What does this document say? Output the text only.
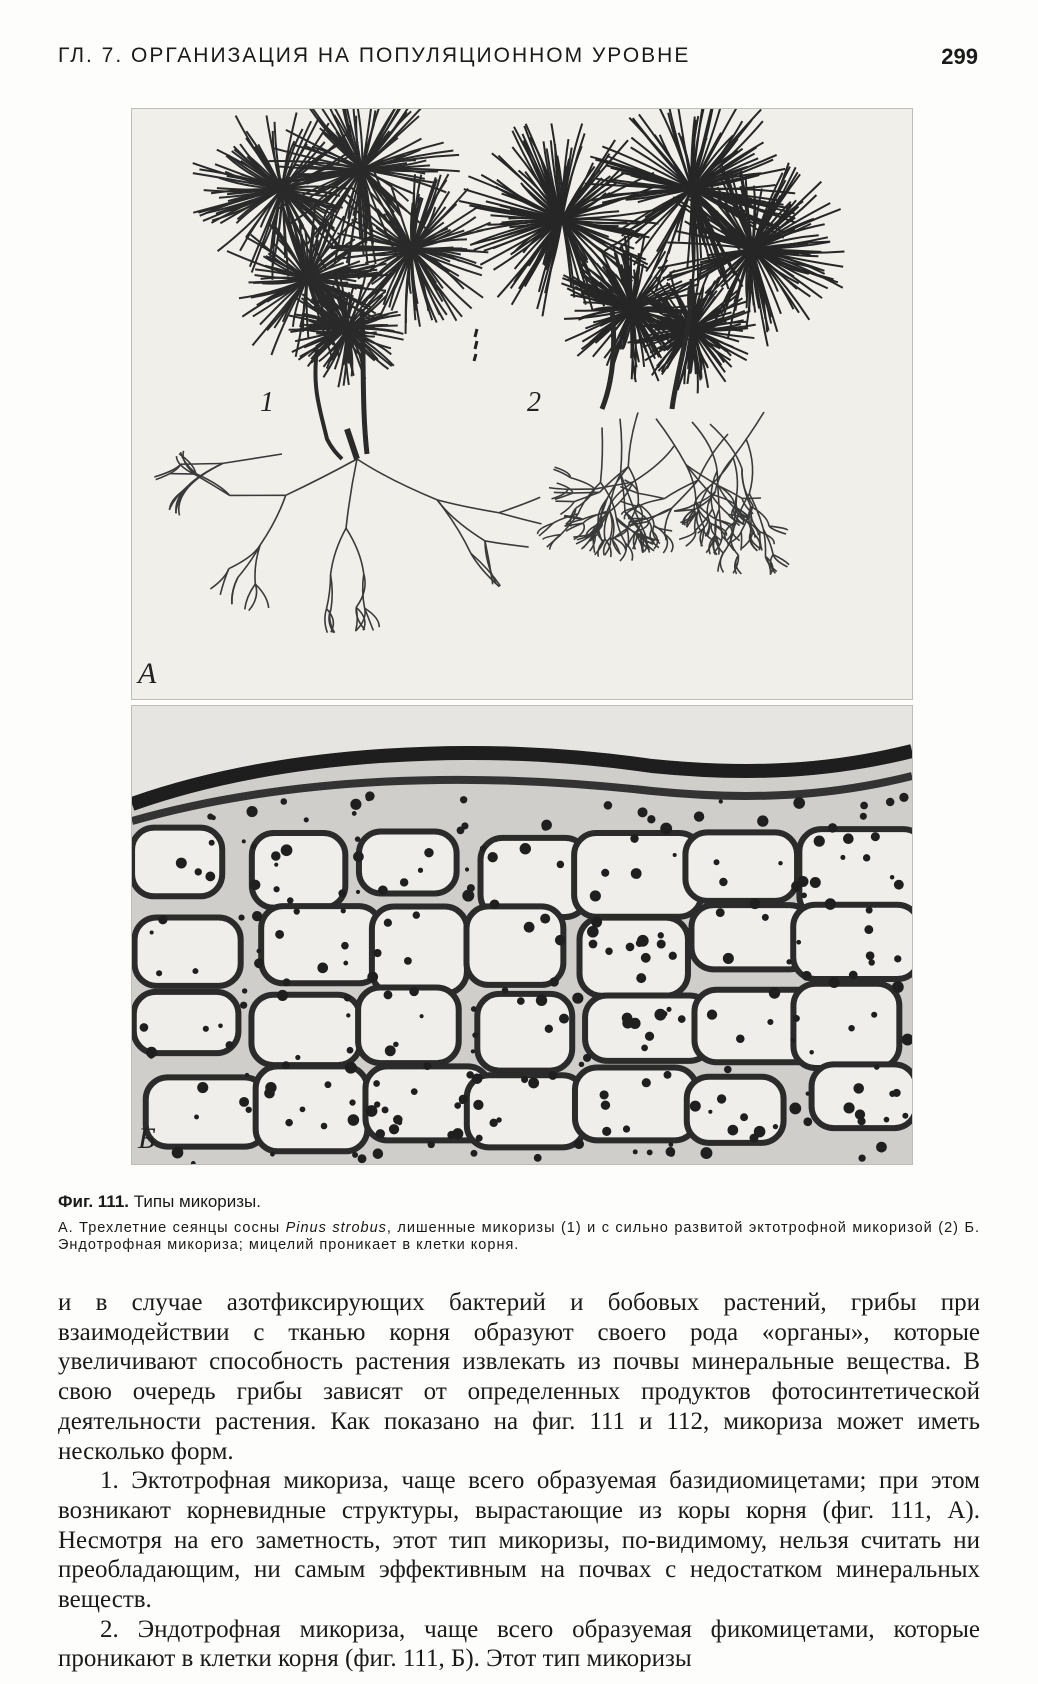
ГЛ. 7. ОРГАНИЗАЦИЯ НА ПОПУЛЯЦИОННОМ УРОВНЕ	299
1	2
А
Б

Фиг. 111. Типы микоризы.

А. Трехлетние сеянцы сосны Pinus strobus, лишенные микоризы (1) и с сильно развитой эктотрофной микоризой (2) Б. Эндотрофная микориза; мицелий проникает в клетки корня.

и в случае азотфиксирующих бактерий и бобовых растений, грибы при взаимодействии с тканью корня образуют своего рода «органы», которые увеличивают способность растения извлекать из почвы минеральные вещества. В свою очередь грибы зависят от определенных продуктов фотосинтетической деятельности растения. Как показано на фиг. 111 и 112, микориза может иметь несколько форм.

1. Эктотрофная микориза, чаще всего образуемая базидиомицетами; при этом возникают корневидные структуры, вырастающие из коры корня (фиг. 111, А). Несмотря на его заметность, этот тип микоризы, по-видимому, нельзя считать ни преобладающим, ни самым эффективным на почвах с недостатком минеральных веществ.

2. Эндотрофная микориза, чаще всего образуемая фикомицетами, которые проникают в клетки корня (фиг. 111, Б). Этот тип микоризы
